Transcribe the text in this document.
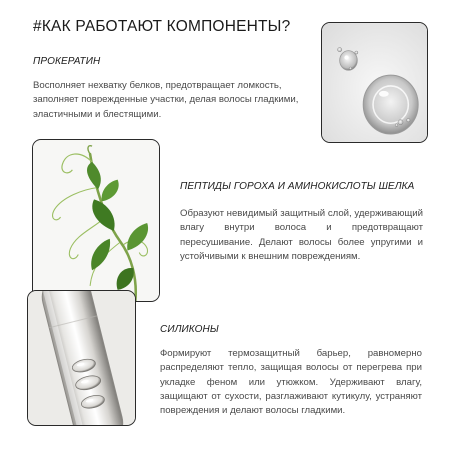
#КАК РАБОТАЮТ КОМПОНЕНТЫ?
ПРОКЕРАТИН

Восполняет нехватку белков, предотвращает ломкость, заполняет поврежденные участки, делая волосы гладкими, эластичными и блестящими.

ПЕПТИДЫ ГОРОХА И АМИНОКИСЛОТЫ ШЕЛКА

Образуют невидимый защитный слой, удерживающий влагу внутри волоса и предотвращают пересушивание. Делают волосы более упругими и устойчивыми к внешним повреждениям.

СИЛИКОНЫ

Формируют термозащитный барьер, равномерно распределяют тепло, защищая волосы от перегрева при укладке феном или утюжком. Удерживают влагу, защищают от сухости, разглаживают кутикулу, устраняют повреждения и делают волосы гладкими.
